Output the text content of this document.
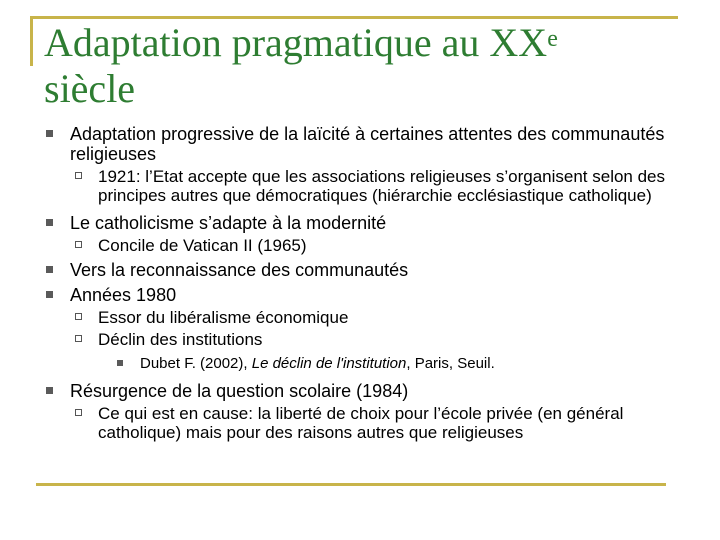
Adaptation pragmatique au XXe
siècle
Adaptation progressive de la laïcité à certaines attentes des communautés religieuses
1921: l’Etat accepte que les associations religieuses s’organisent selon des principes autres que démocratiques (hiérarchie ecclésiastique catholique)
Le catholicisme s’adapte à la modernité
Concile de Vatican II (1965)
Vers la reconnaissance des communautés
Années 1980
Essor du libéralisme économique
Déclin des institutions
Dubet F. (2002), Le déclin de l'institution, Paris, Seuil.
Résurgence de la question scolaire (1984)
Ce qui est en cause: la liberté de choix pour l’école privée (en général catholique) mais pour des raisons autres que religieuses
